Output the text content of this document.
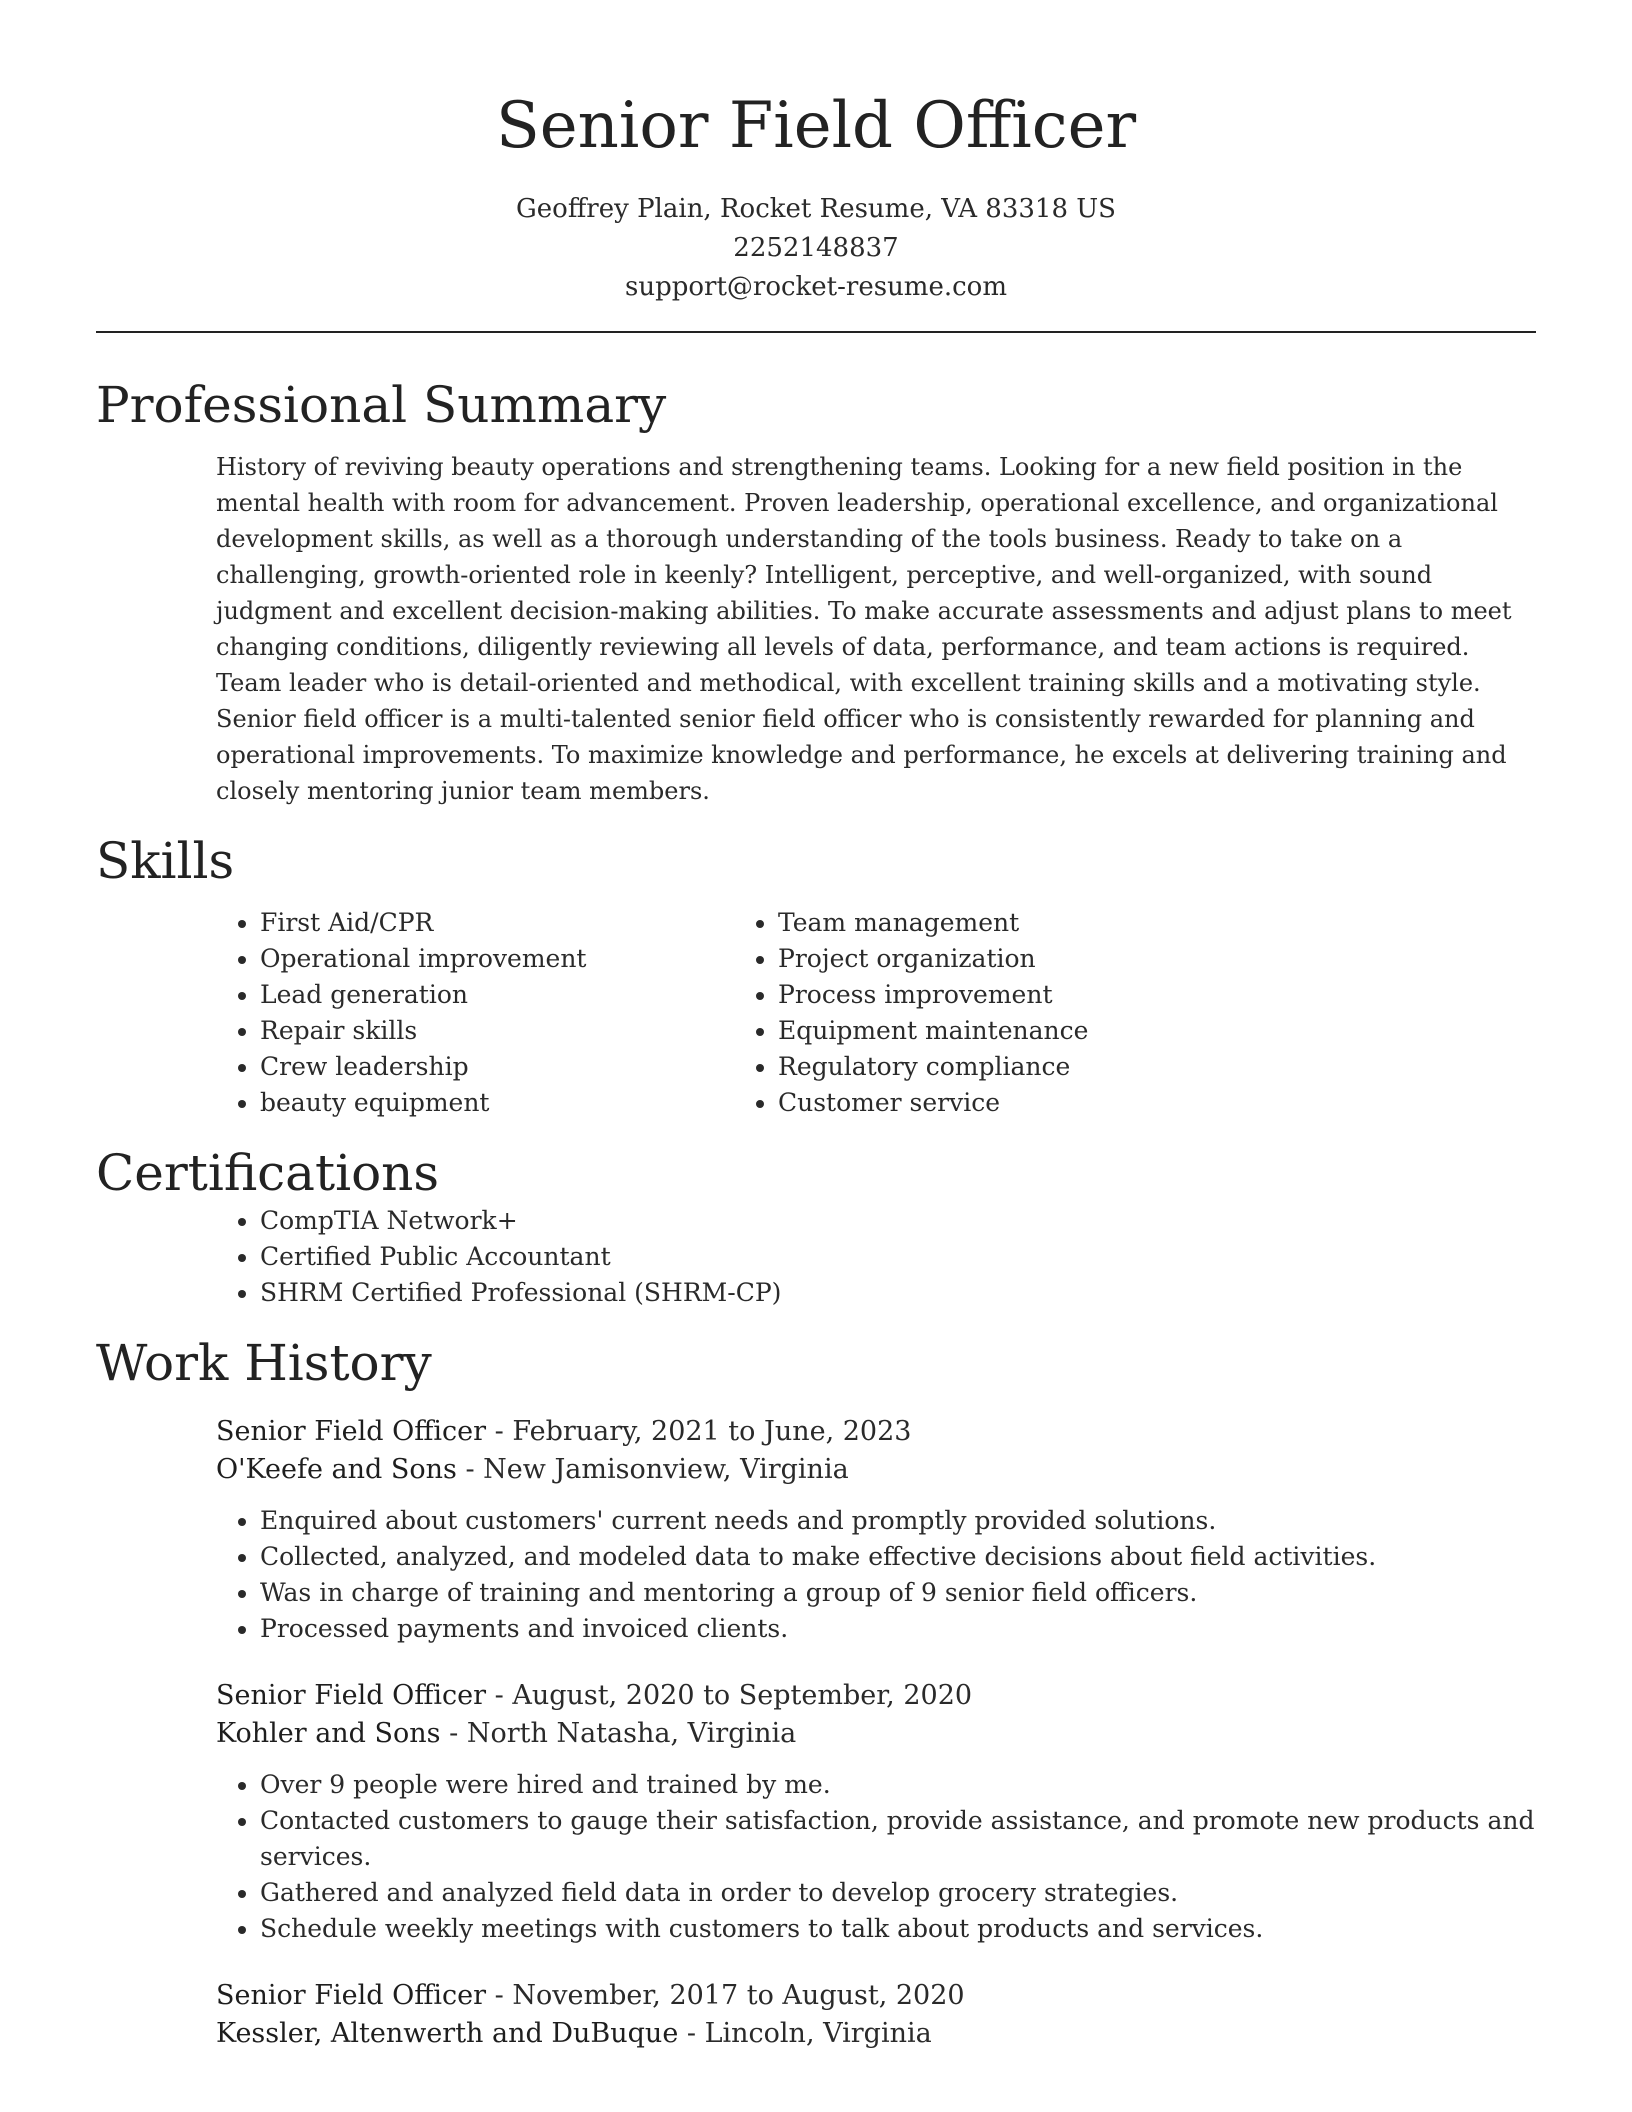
Senior Field Officer
Geoffrey Plain, Rocket Resume, VA 83318 US
2252148837
support@rocket-resume.com
Professional Summary

History of reviving beauty operations and strengthening teams. Looking for a new field position in the mental health with room for advancement. Proven leadership, operational excellence, and organizational development skills, as well as a thorough understanding of the tools business. Ready to take on a challenging, growth-oriented role in keenly? Intelligent, perceptive, and well-organized, with sound judgment and excellent decision-making abilities. To make accurate assessments and adjust plans to meet changing conditions, diligently reviewing all levels of data, performance, and team actions is required. Team leader who is detail-oriented and methodical, with excellent training skills and a motivating style. Senior field officer is a multi-talented senior field officer who is consistently rewarded for planning and operational improvements. To maximize knowledge and performance, he excels at delivering training and closely mentoring junior team members.

Skills
• First Aid/CPR
• Operational improvement
• Lead generation
• Repair skills
• Crew leadership
• beauty equipment
• Team management
• Project organization
• Process improvement
• Equipment maintenance
• Regulatory compliance
• Customer service
Certifications
• CompTIA Network+
• Certified Public Accountant
• SHRM Certified Professional (SHRM-CP)
Work History
Senior Field Officer - February, 2021 to June, 2023
O'Keefe and Sons - New Jamisonview, Virginia
• Enquired about customers' current needs and promptly provided solutions.
• Collected, analyzed, and modeled data to make effective decisions about field activities.
• Was in charge of training and mentoring a group of 9 senior field officers.
• Processed payments and invoiced clients.
Senior Field Officer - August, 2020 to September, 2020
Kohler and Sons - North Natasha, Virginia
• Over 9 people were hired and trained by me.
• Contacted customers to gauge their satisfaction, provide assistance, and promote new products and services.
• Gathered and analyzed field data in order to develop grocery strategies.
• Schedule weekly meetings with customers to talk about products and services.
Senior Field Officer - November, 2017 to August, 2020
Kessler, Altenwerth and DuBuque - Lincoln, Virginia
